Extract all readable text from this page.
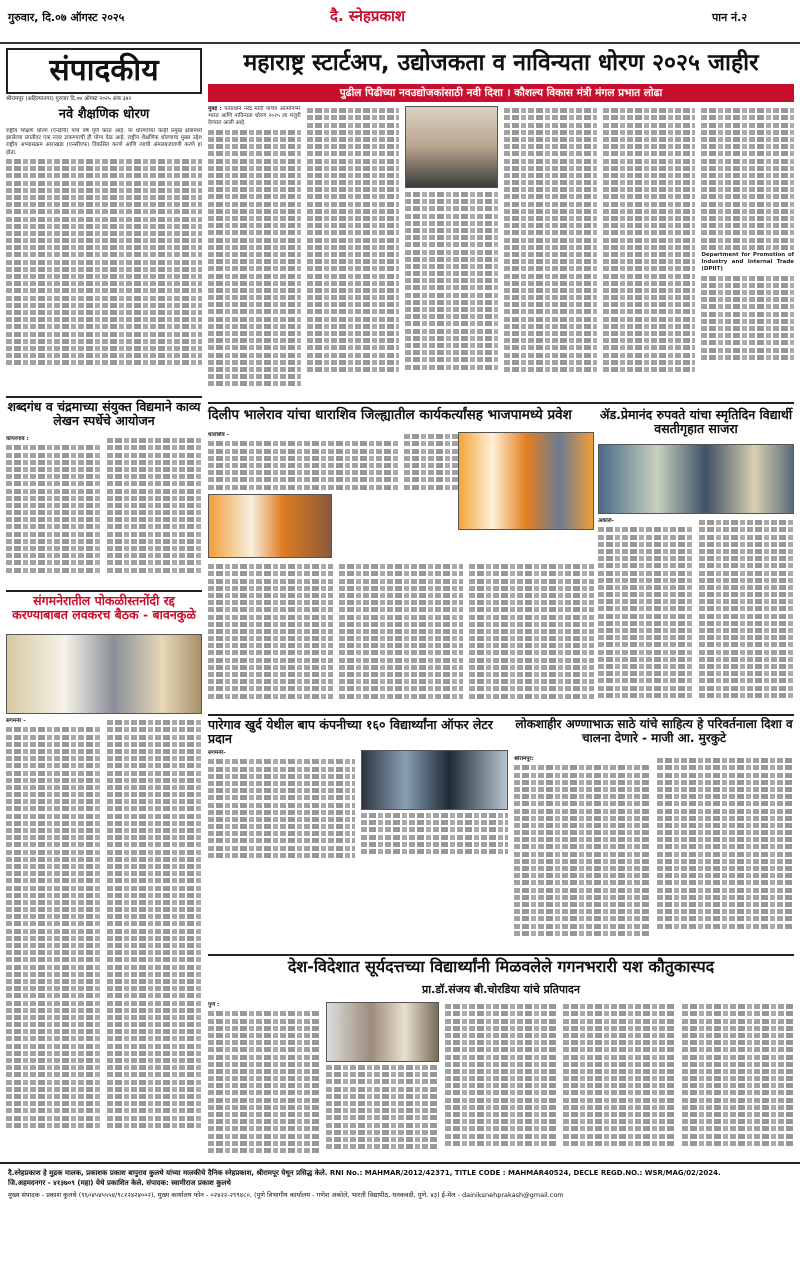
गुरुवार, दि.०७ ऑगस्ट २०२५	दै. स्नेहप्रकाश	पान नं.२
संपादकीय
श्रीरामपूर (अहिल्यानगर) गुरुवार दि.०७ ऑगस्ट २०२५ अंक ३४२
नवे शैक्षणिक धोरण
राष्ट्रीय शिक्षण धोरण (एनईपी) पाच वर्षे पूर्ण करत आहे. या धोरणाच्या काही प्रमुख क्षेत्रांमध्ये झालेल्या प्रगतीवर एक नजर टाकण्याची ही योग्य वेळ आहे. राष्ट्रीय शैक्षणिक धोरणाचा मुख्य उद्देश राष्ट्रीय अभ्यासक्रम आराखडा (एनसीएफ) विकसित करणे आणि त्याची अंमलबजावणी करणे हा होता.
महाराष्ट्र स्टार्टअप, उद्योजकता व नाविन्यता धोरण २०२५ जाहीर
पुढील पिढीच्या नवउद्योजकांसाठी नवी दिशा । कौशल्य विकास मंत्री मंगल प्रभात लोढा
मुंबई : पंतप्रधान नरेंद्र मोदी यांच्या आत्मनिर्भर भारत आणि नाविन्यता धोरण २०२५ ला मंजुरी देण्यात आली आहे.
Department for Promotion of Industry and Internal Trade (DPIIT)
शब्दगंध व चंद्रमाच्या संयुक्त विद्यमाने काव्य लेखन स्पर्धेचे आयोजन
कोपरगाव :
संगमनेरातील पोकळीस्तनोंदी रद्द करण्याबाबत लवकरच बैठक - बावनकुळे
संगमनेर -
दिलीप भालेराव यांचा धाराशिव जिल्ह्यातील कार्यकर्त्यांसह भाजपामध्ये प्रवेश
धाराशिव -
ॲड.प्रेमानंद रुपवते यांचा स्मृतिदिन विद्यार्थी वसतीगृहात साजरा
अकोले-
पारेगाव खुर्द येथील बाप कंपनीच्या १६० विद्यार्थ्यांना ऑफर लेटर प्रदान
संगमनेर-
लोकशाहीर अण्णाभाऊ साठे यांचे साहित्य हे परिवर्तनाला दिशा व चालना देणारे - माजी आ. मुरकुटे
श्रीरामपूर:
देश-विदेशात सूर्यदत्तच्या विद्यार्थ्यांनी मिळवलेले गगनभरारी यश कौतुकास्पद
प्रा.डॉ.संजय बी.चोरडिया यांचे प्रतिपादन
पुणे :
दै.स्नेहप्रकाश हे मुद्रक मालक, प्रकाशक प्रकाश बापुराव कुलथे यांच्या मालकीचे दैनिक स्नेहप्रकाश, श्रीरामपूर येथून प्रसिद्ध केले. RNI No.: MAHMAR/2012/42371, TITLE CODE : MAHMAR40524, DECLE REGD.NO.: WSR/MAG/02/2024.
जि.अहमदनगर - ४१३७०९ (महा) येथे प्रकाशित केले. संपादक: स्वामीराज प्रकाश कुलथे
मुख्य संपादक - प्रकाश कुलथे (९६०४५४५५५४/९८२२४२४००२), मुख्य कार्यालय फोन - ०२४२२-२९९४८०, (पुणे विभागीय कार्यालय - गणेश अकोले, भारती विद्यापीठ, धनकवडी, पुणे, ४३) ई-मेल - dainiksnehprakash@gmail.com
